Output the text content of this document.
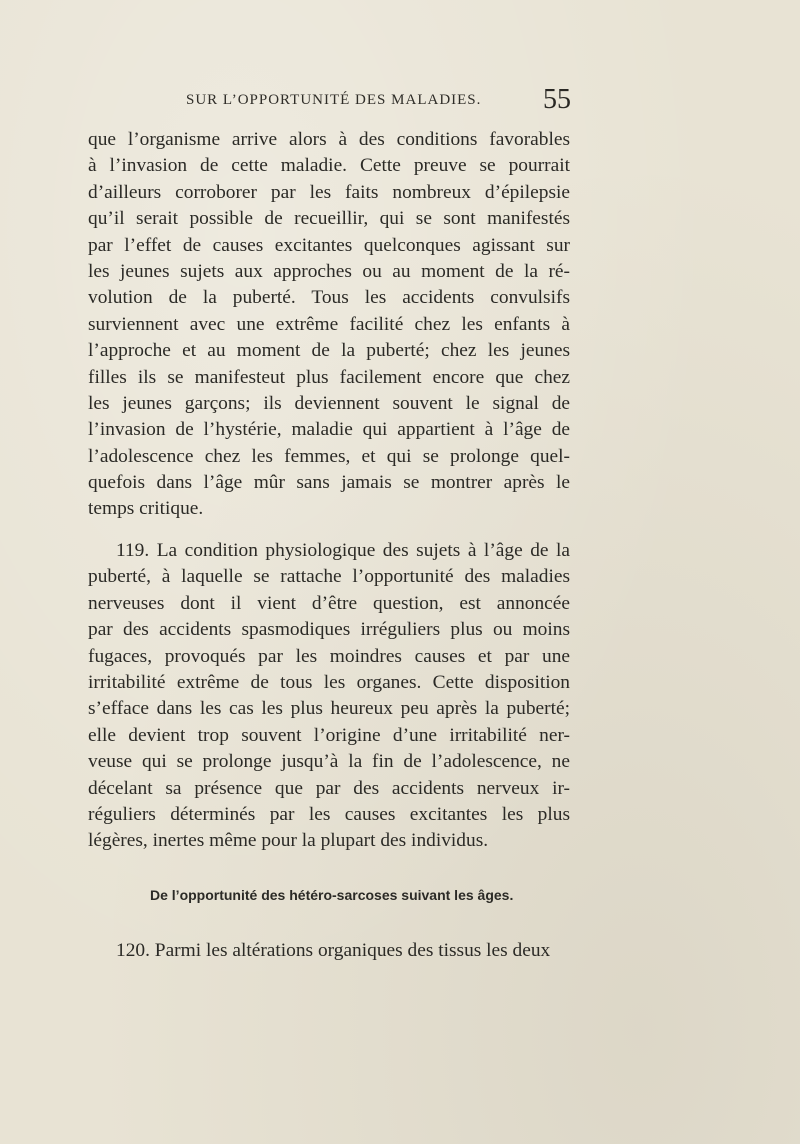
SUR L’OPPORTUNITÉ DES MALADIES. 55
que l’organisme arrive alors à des conditions favorables
à l’invasion de cette maladie. Cette preuve se pourrait
d’ailleurs corroborer par les faits nombreux d’épilepsie
qu’il serait possible de recueillir, qui se sont manifestés
par l’effet de causes excitantes quelconques agissant sur
les jeunes sujets aux approches ou au moment de la ré-
volution de la puberté. Tous les accidents convulsifs
surviennent avec une extrême facilité chez les enfants à
l’approche et au moment de la puberté; chez les jeunes
filles ils se manifesteut plus facilement encore que chez
les jeunes garçons; ils deviennent souvent le signal de
l’invasion de l’hystérie, maladie qui appartient à l’âge de
l’adolescence chez les femmes, et qui se prolonge quel-
quefois dans l’âge mûr sans jamais se montrer après le
temps critique.
119. La condition physiologique des sujets à l’âge de la
puberté, à laquelle se rattache l’opportunité des maladies
nerveuses dont il vient d’être question, est annoncée
par des accidents spasmodiques irréguliers plus ou moins
fugaces, provoqués par les moindres causes et par une
irritabilité extrême de tous les organes. Cette disposition
s’efface dans les cas les plus heureux peu après la puberté;
elle devient trop souvent l’origine d’une irritabilité ner-
veuse qui se prolonge jusqu’à la fin de l’adolescence, ne
décelant sa présence que par des accidents nerveux ir-
réguliers déterminés par les causes excitantes les plus
légères, inertes même pour la plupart des individus.
De l’opportunité des hétéro-sarcoses suivant les âges.
120. Parmi les altérations organiques des tissus les deux
